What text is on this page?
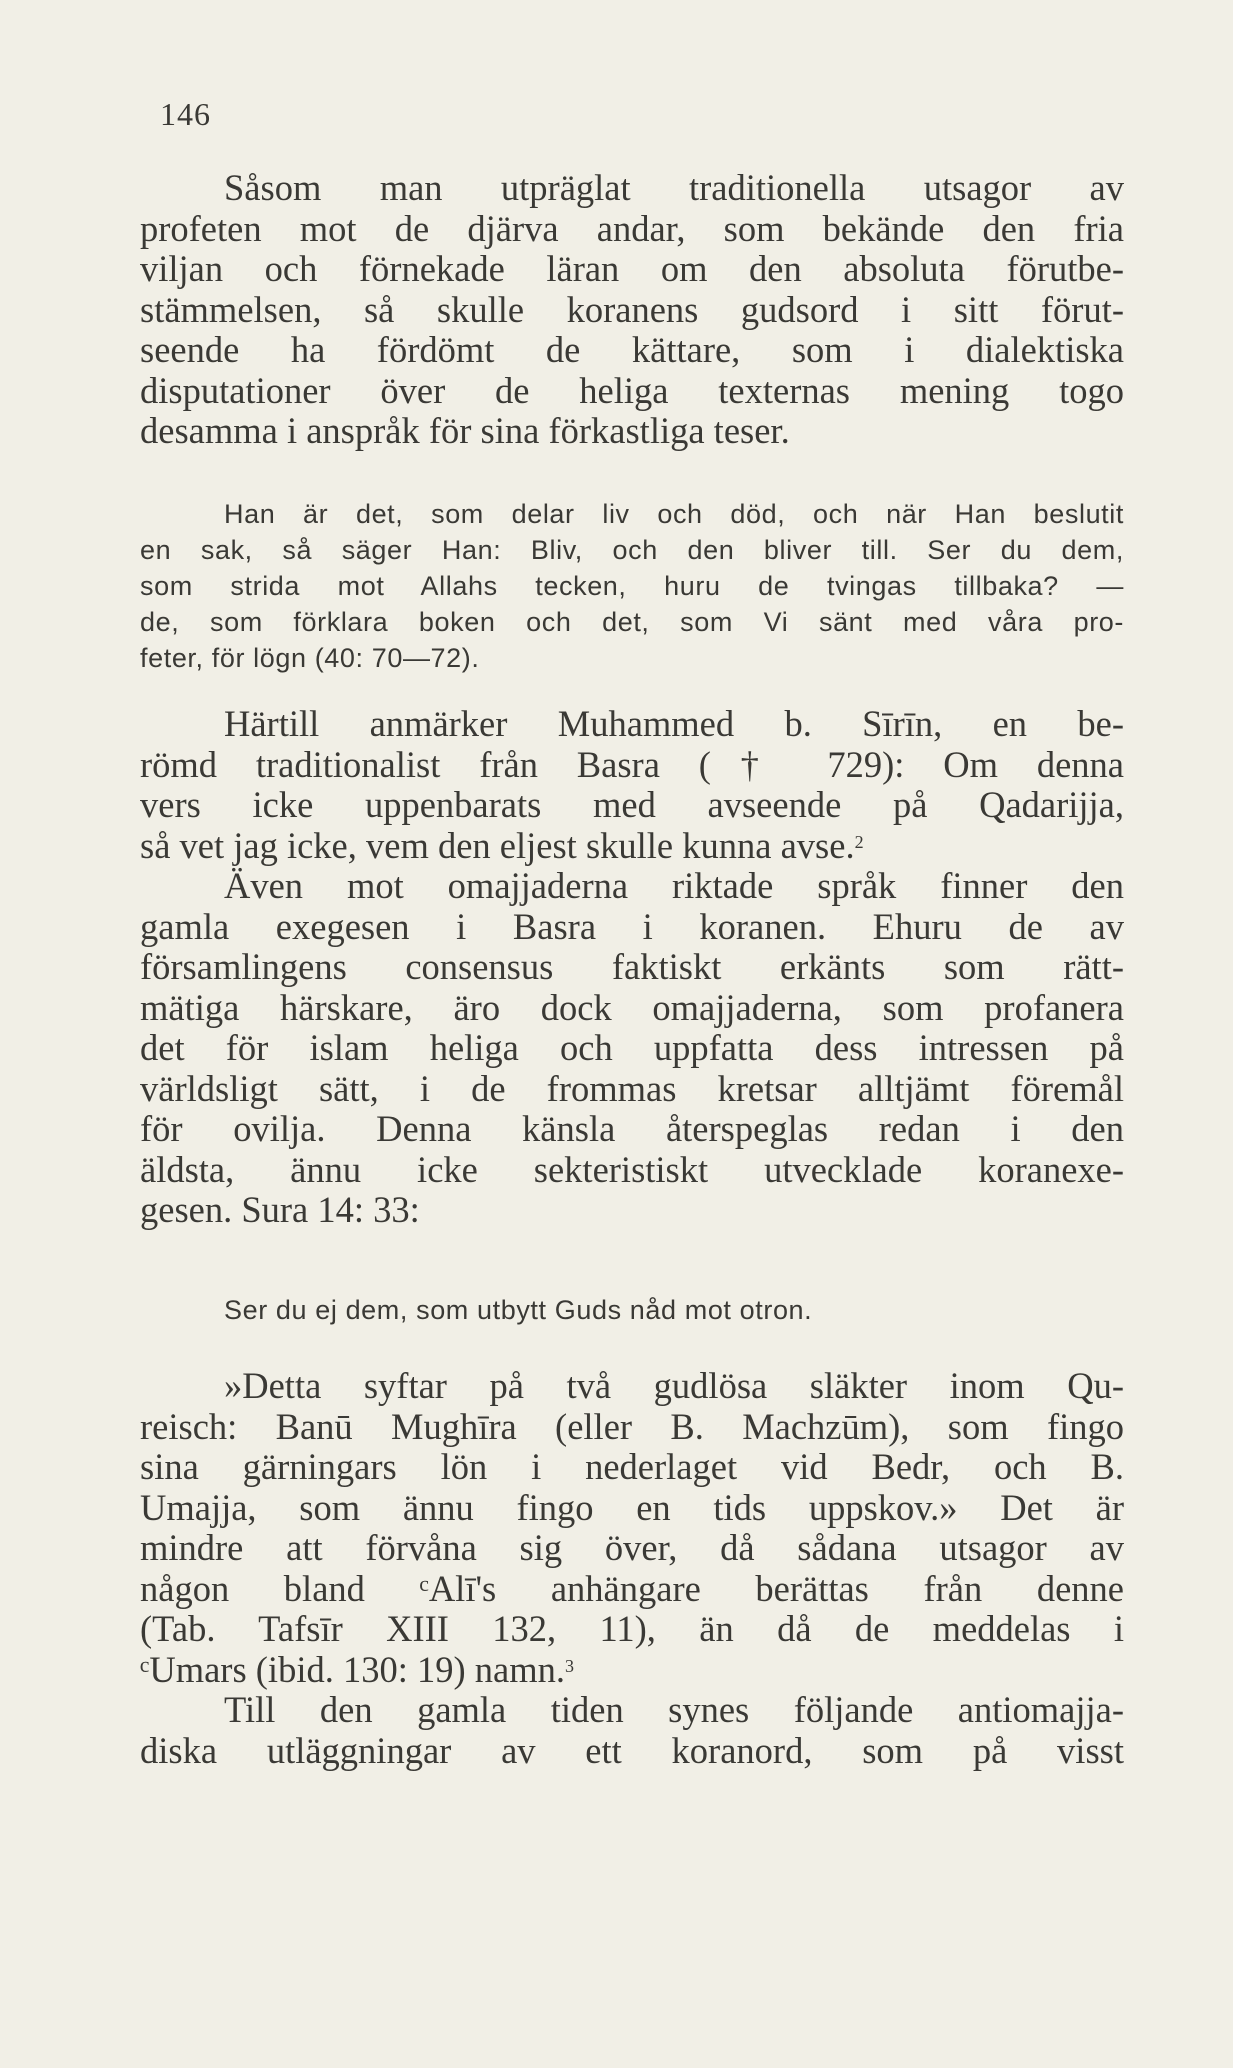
146
Såsom man utpräglat traditionella utsagor av
profeten mot de djärva andar, som bekände den fria
viljan och förnekade läran om den absoluta förutbe-
stämmelsen, så skulle koranens gudsord i sitt förut-
seende ha fördömt de kättare, som i dialektiska
disputationer över de heliga texternas mening togo
desamma i anspråk för sina förkastliga teser.
Han är det, som delar liv och död, och när Han beslutit
en sak, så säger Han: Bliv, och den bliver till. Ser du dem,
som strida mot Allahs tecken, huru de tvingas tillbaka? —
de, som förklara boken och det, som Vi sänt med våra pro-
feter, för lögn (40: 70—72).
Härtill anmärker Muhammed b. Sīrīn, en be-
römd traditionalist från Basra († 729): Om denna
vers icke uppenbarats med avseende på Qadarijja,
så vet jag icke, vem den eljest skulle kunna avse.$^2$
Även mot omajjaderna riktade språk finner den
gamla exegesen i Basra i koranen. Ehuru de av
församlingens consensus faktiskt erkänts som rätt-
mätiga härskare, äro dock omajjaderna, som profanera
det för islam heliga och uppfatta dess intressen på
världsligt sätt, i de frommas kretsar alltjämt föremål
för ovilja. Denna känsla återspeglas redan i den
äldsta, ännu icke sekteristiskt utvecklade koranexe-
gesen. Sura 14: 33:
Ser du ej dem, som utbytt Guds nåd mot otron.
»Detta syftar på två gudlösa släkter inom Qu-
reisch: Banū Mughīra (eller B. Machzūm), som fingo
sina gärningars lön i nederlaget vid Bedr, och B.
Umajja, som ännu fingo en tids uppskov.» Det är
mindre att förvåna sig över, då sådana utsagor av
någon bland ᶜAlī's anhängare berättas från denne
(Tab. Tafsīr XIII 132, 11), än då de meddelas i
ᶜUmars (ibid. 130: 19) namn.$^3$
Till den gamla tiden synes följande antiomajja-
diska utläggningar av ett koranord, som på visst
